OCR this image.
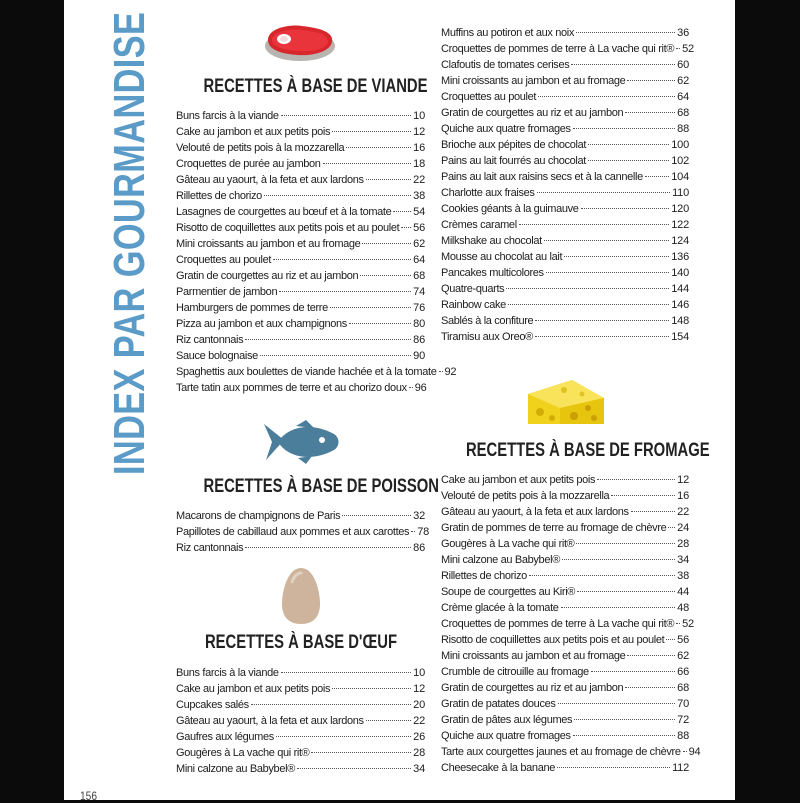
INDEX PAR GOURMANDISE	RECETTES À BASE DE VIANDE
Buns farcis à la viande	10
Cake au jambon et aux petits pois	12
Velouté de petits pois à la mozzarella	16
Croquettes de purée au jambon	18
Gâteau au yaourt, à la feta et aux lardons	22
Rillettes de chorizo	38
Lasagnes de courgettes au bœuf et à la tomate 54
Risotto de coquillettes aux petits pois et au poulet 56
Mini croissants au jambon et au fromage	62
Croquettes au poulet	64
Gratin de courgettes au riz et au jambon	68
Parmentier de jambon	74
Hamburgers de pommes de terre	76
Pizza au jambon et aux champignons	80
Riz cantonnais	86
Sauce bolognaise	90
Spaghettis aux boulettes de viande hachée et à la tomate 92
Tarte tatin aux pommes de terre et au chorizo doux 96
RECETTES À BASE DE POISSON
Macarons de champignons de Paris	32
Papillotes de cabillaud aux pommes et aux carottes 78
Riz cantonnais	86
RECETTES À BASE D'ŒUF
Buns farcis à la viande	10
Cake au jambon et aux petits pois	12
Cupcakes salés	20
Gâteau au yaourt, à la feta et aux lardons	22
Gaufres aux légumes	26
Gougères à La vache qui rit®	28
Mini calzone au Babybel®	34
Muffins au potiron et aux noix	36
Croquettes de pommes de terre à La vache qui rit® 52
Clafoutis de tomates cerises	60
Mini croissants au jambon et au fromage	62
Croquettes au poulet	64
Gratin de courgettes au riz et au jambon	68
Quiche aux quatre fromages	88
Brioche aux pépites de chocolat	100
Pains au lait fourrés au chocolat	102
Pains au lait aux raisins secs et à la cannelle	104
Charlotte aux fraises	110
Cookies géants à la guimauve	120
Crèmes caramel	122
Milkshake au chocolat	124
Mousse au chocolat au lait	136
Pancakes multicolores	140
Quatre-quarts	144
Rainbow cake	146
Sablés à la confiture	148
Tiramisu aux Oreo®	154
RECETTES À BASE DE FROMAGE
Cake au jambon et aux petits pois	12
Velouté de petits pois à la mozzarella	16
Gâteau au yaourt, à la feta et aux lardons	22
Gratin de pommes de terre au fromage de chèvre 24
Gougères à La vache qui rit®	28
Mini calzone au Babybel®	34
Rillettes de chorizo	38
Soupe de courgettes au Kiri®	44
Crème glacée à la tomate	48
Croquettes de pommes de terre à La vache qui rit® 52
Risotto de coquillettes aux petits pois et au poulet 56
Mini croissants au jambon et au fromage	62
Crumble de citrouille au fromage	66
Gratin de courgettes au riz et au jambon	68
Gratin de patates douces	70
Gratin de pâtes aux légumes	72
Quiche aux quatre fromages	88
Tarte aux courgettes jaunes et au fromage de chèvre 94
Cheesecake à la banane	112
156
